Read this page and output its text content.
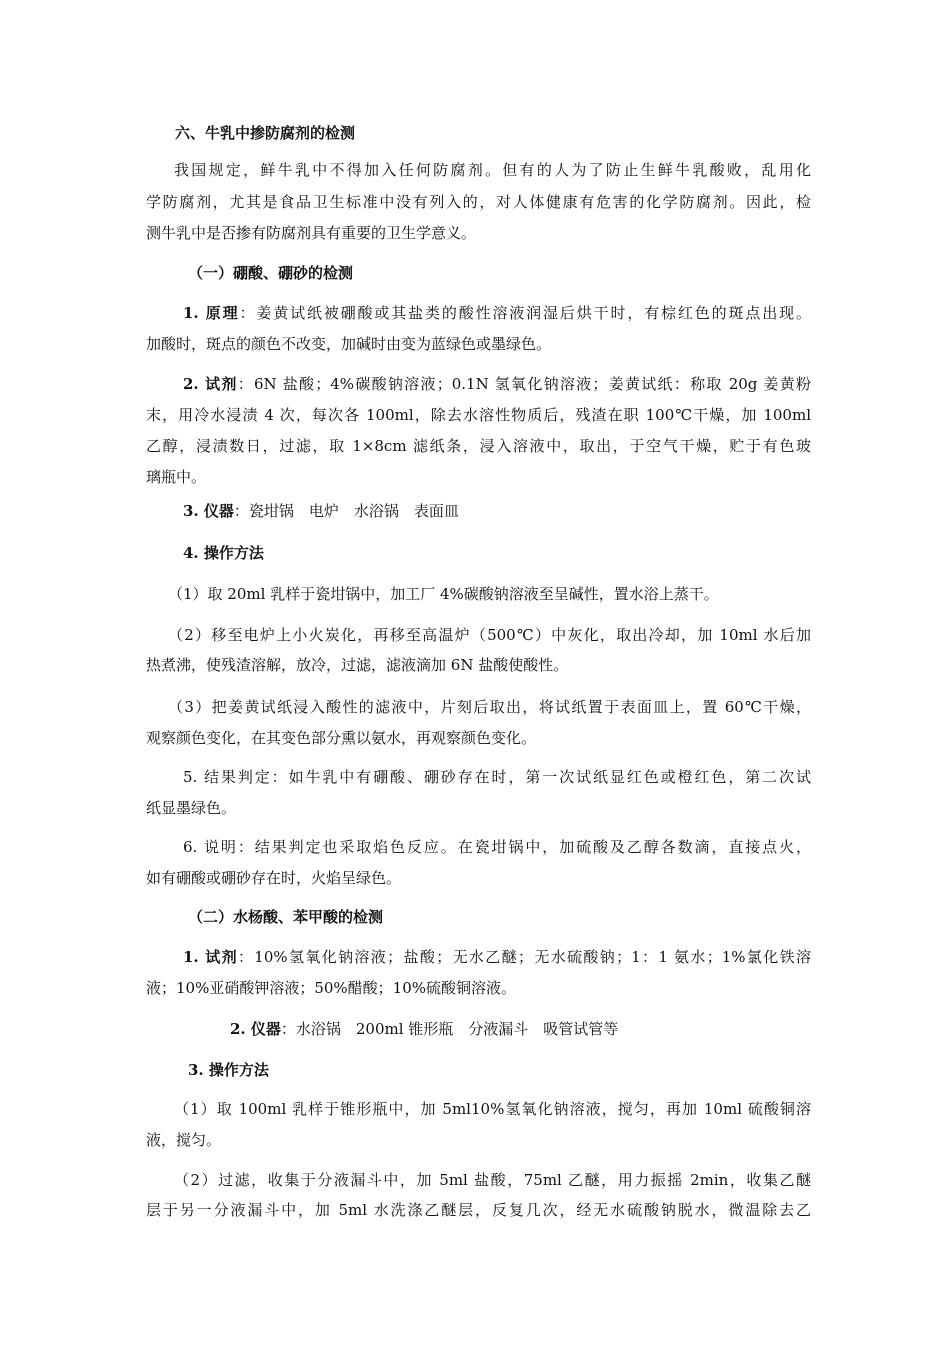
六、牛乳中掺防腐剂的检测
我国规定，鲜牛乳中不得加入任何防腐剂。但有的人为了防止生鲜牛乳酸败，乱用化
学防腐剂，尤其是食品卫生标准中没有列入的，对人体健康有危害的化学防腐剂。因此，检
测牛乳中是否掺有防腐剂具有重要的卫生学意义。
（一）硼酸、硼砂的检测
1. 原理：姜黄试纸被硼酸或其盐类的酸性溶液润湿后烘干时，有棕红色的斑点出现。
加酸时，斑点的颜色不改变，加碱时由变为蓝绿色或墨绿色。
2. 试剂：6N 盐酸；4%碳酸钠溶液；0.1N 氢氧化钠溶液；姜黄试纸：称取 20g 姜黄粉
末，用冷水浸渍 4 次，每次各 100ml，除去水溶性物质后，残渣在职 100℃干燥，加 100ml
乙醇，浸渍数日，过滤，取 1×8cm 滤纸条，浸入溶液中，取出，于空气干燥，贮于有色玻
璃瓶中。
3. 仪器：瓷坩锅　电炉　水浴锅　表面皿
4. 操作方法
（1）取 20ml 乳样于瓷坩锅中，加工厂 4%碳酸钠溶液至呈碱性，置水浴上蒸干。
（2）移至电炉上小火炭化，再移至高温炉（500℃）中灰化，取出冷却，加 10ml 水后加
热煮沸，使残渣溶解，放冷，过滤，滤液滴加 6N 盐酸使酸性。
（3）把姜黄试纸浸入酸性的滤液中，片刻后取出，将试纸置于表面皿上，置 60℃干燥，
观察颜色变化，在其变色部分熏以氨水，再观察颜色变化。
5. 结果判定：如牛乳中有硼酸、硼砂存在时，第一次试纸显红色或橙红色，第二次试
纸显墨绿色。
6. 说明：结果判定也采取焰色反应。在瓷坩锅中，加硫酸及乙醇各数滴，直接点火，
如有硼酸或硼砂存在时，火焰呈绿色。
（二）水杨酸、苯甲酸的检测
1. 试剂：10%氢氧化钠溶液；盐酸；无水乙醚；无水硫酸钠；1：1 氨水；1%氯化铁溶
液；10%亚硝酸钾溶液；50%醋酸；10%硫酸铜溶液。
2. 仪器：水浴锅　200ml 锥形瓶　分液漏斗　吸管试管等
3. 操作方法
（1）取 100ml 乳样于锥形瓶中，加 5ml10%氢氧化钠溶液，搅匀，再加 10ml 硫酸铜溶
液，搅匀。
（2）过滤，收集于分液漏斗中，加 5ml 盐酸，75ml 乙醚，用力振摇 2min，收集乙醚
层于另一分液漏斗中，加 5ml 水洗涤乙醚层，反复几次，经无水硫酸钠脱水，微温除去乙
